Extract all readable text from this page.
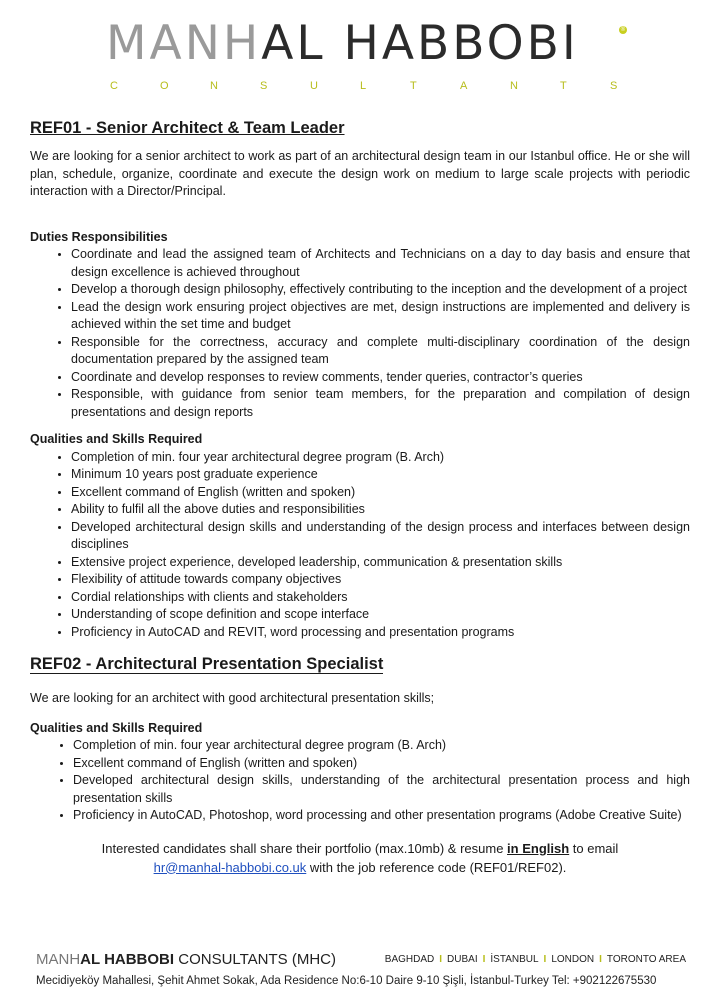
MANHAL HABBOBI	®
C	O	N	S	U	L	T	A	N	T	S
REF01 - Senior Architect & Team Leader

We are looking for a senior architect to work as part of an architectural design team in our Istanbul office. He or she will plan, schedule, organize, coordinate and execute the design work on medium to large scale projects with periodic interaction with a Director/Principal.

Duties Responsibilities
• Coordinate and lead the assigned team of Architects and Technicians on a day to day basis and ensure that design excellence is achieved throughout
• Develop a thorough design philosophy, effectively contributing to the inception and the development of a project
• Lead the design work ensuring project objectives are met, design instructions are implemented and delivery is achieved within the set time and budget
• Responsible for the correctness, accuracy and complete multi-disciplinary coordination of the design documentation prepared by the assigned team
• Coordinate and develop responses to review comments, tender queries, contractor’s queries
• Responsible, with guidance from senior team members, for the preparation and compilation of design presentations and design reports
Qualities and Skills Required
• Completion of min. four year architectural degree program (B. Arch)
• Minimum 10 years post graduate experience
• Excellent command of English (written and spoken)
• Ability to fulfil all the above duties and responsibilities
• Developed architectural design skills and understanding of the design process and interfaces between design disciplines
• Extensive project experience, developed leadership, communication & presentation skills
• Flexibility of attitude towards company objectives
• Cordial relationships with clients and stakeholders
• Understanding of scope definition and scope interface
• Proficiency in AutoCAD and REVIT, word processing and presentation programs
REF02 - Architectural Presentation Specialist

We are looking for an architect with good architectural presentation skills;

Qualities and Skills Required
• Completion of min. four year architectural degree program (B. Arch)
• Excellent command of English (written and spoken)
• Developed architectural design skills, understanding of the architectural presentation process and high presentation skills
• Proficiency in AutoCAD, Photoshop, word processing and other presentation programs (Adobe Creative Suite)
Interested candidates shall share their portfolio (max.10mb) & resume in English to email
hr@manhal-habbobi.co.uk with the job reference code (REF01/REF02).
MANHAL HABBOBI CONSULTANTS (MHC)	BAGHDAD I DUBAI I İSTANBUL I LONDON I TORONTO AREA
Mecidiyeköy Mahallesi, Şehit Ahmet Sokak, Ada Residence No:6-10 Daire 9-10 Şişli, İstanbul-Turkey Tel: +902122675530
